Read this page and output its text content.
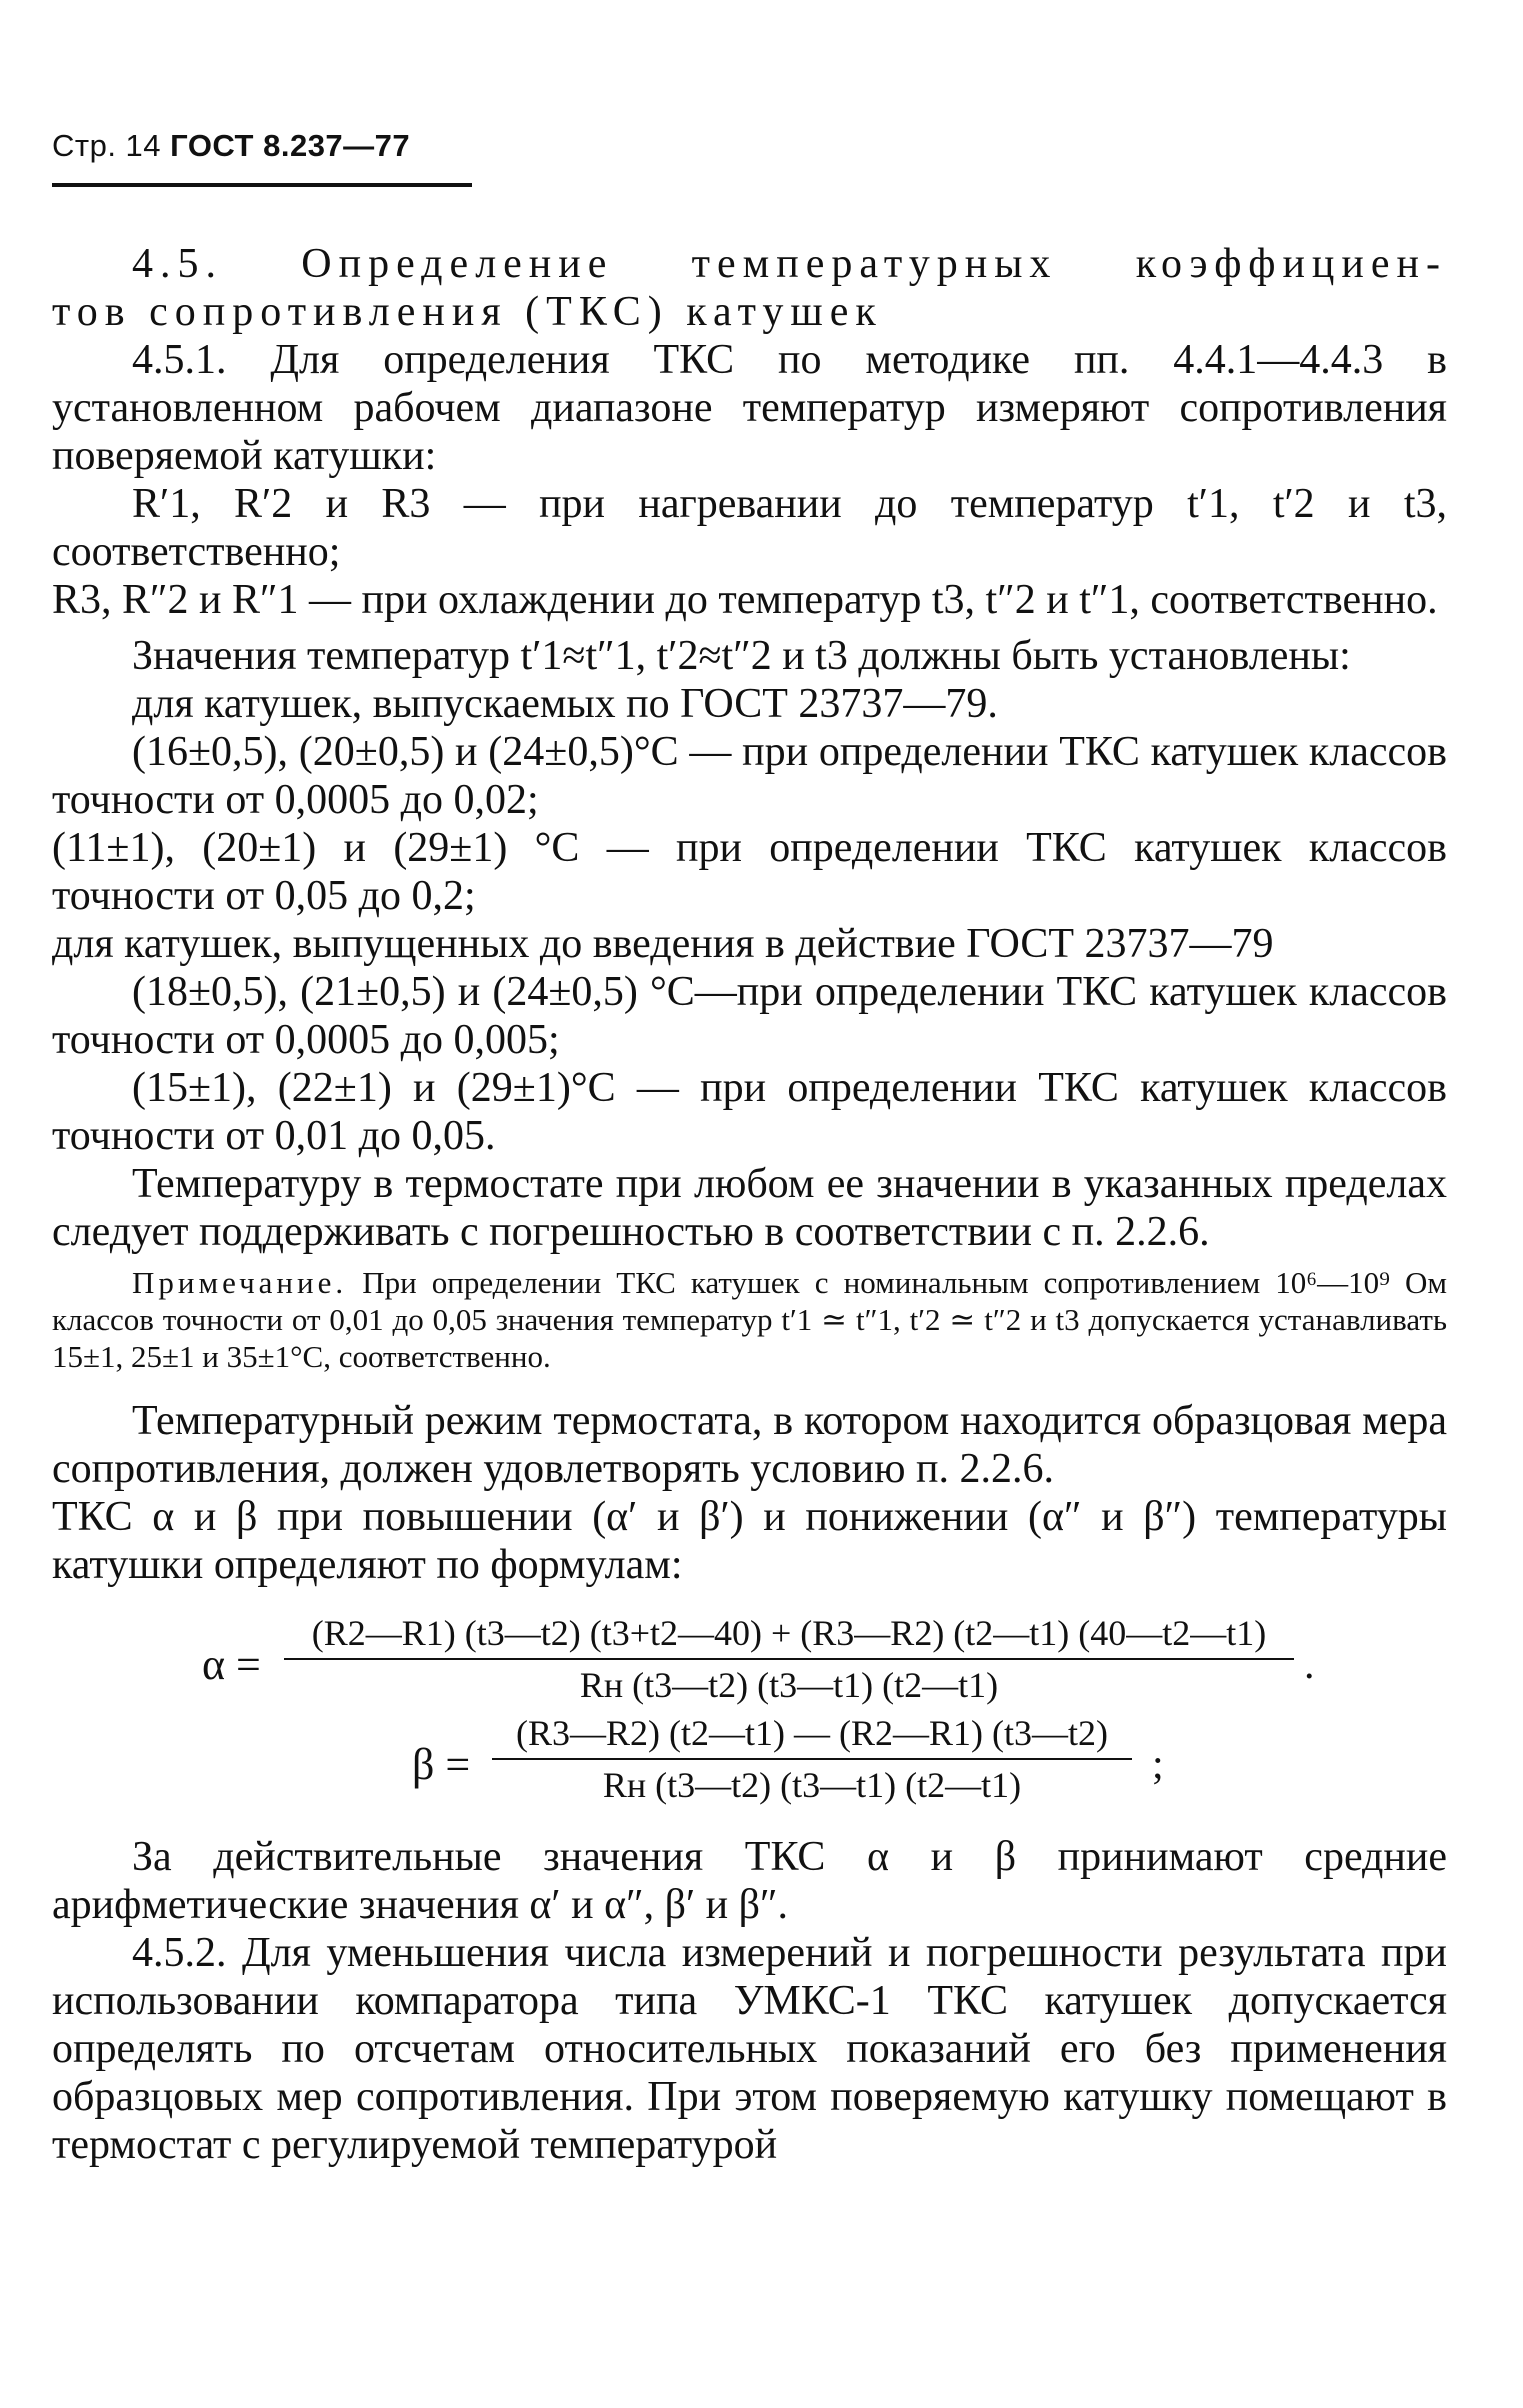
Стр. 14 ГОСТ 8.237—77

4.5. Определение температурных коэффициен-

тов сопротивления (ТКС) катушек

4.5.1. Для определения ТКС по методике пп. 4.4.1—4.4.3 в установленном рабочем диапазоне температур измеряют сопротивления поверяемой катушки:

R′1, R′2 и R3 — при нагревании до температур t′1, t′2 и t3, соответственно;

R3, R″2 и R″1 — при охлаждении до температур t3, t″2 и t″1, соответственно.

Значения температур t′1≈t″1, t′2≈t″2 и t3 должны быть установлены:

для катушек, выпускаемых по ГОСТ 23737—79.

(16±0,5), (20±0,5) и (24±0,5)°C — при определении ТКС катушек классов точности от 0,0005 до 0,02;

(11±1), (20±1) и (29±1) °C — при определении ТКС катушек классов точности от 0,05 до 0,2;

для катушек, выпущенных до введения в действие ГОСТ 23737—79

(18±0,5), (21±0,5) и (24±0,5) °C—при определении ТКС катушек классов точности от 0,0005 до 0,005;

(15±1), (22±1) и (29±1)°C — при определении ТКС катушек классов точности от 0,01 до 0,05.

Температуру в термостате при любом ее значении в указанных пределах следует поддерживать с погрешностью в соответствии с п. 2.2.6.

Примечание. При определении ТКС катушек с номинальным сопротивлением 10⁶—10⁹ Ом классов точности от 0,01 до 0,05 значения температур t′1 ≃ t″1, t′2 ≃ t″2 и t3 допускается устанавливать 15±1, 25±1 и 35±1°С, соответственно.

Температурный режим термостата, в котором находится образцовая мера сопротивления, должен удовлетворять условию п. 2.2.6.

ТКС α и β при повышении (α′ и β′) и понижении (α″ и β″) температуры катушки определяют по формулам:

α =
(R2—R1) (t3—t2) (t3+t2—40) + (R3—R2) (t2—t1) (40—t2—t1)
Rн (t3—t2) (t3—t1) (t2—t1)	.
β =
(R3—R2) (t2—t1) — (R2—R1) (t3—t2)
Rн (t3—t2) (t3—t1) (t2—t1)	;

За действительные значения ТКС α и β принимают средние арифметические значения α′ и α″, β′ и β″.

4.5.2. Для уменьшения числа измерений и погрешности результата при использовании компаратора типа УМКС-1 ТКС катушек допускается определять по отсчетам относительных показаний его без применения образцовых мер сопротивления. При этом поверяемую катушку помещают в термостат с регулируемой температурой
